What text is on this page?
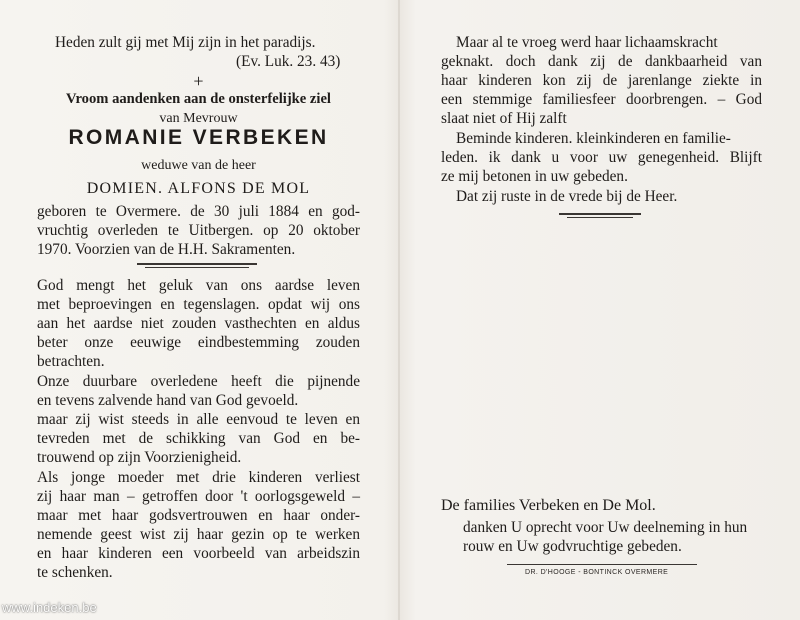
Heden zult gij met Mij zijn in het paradijs.
(Ev. Luk. 23. 43)
+
Vroom aandenken aan de onsterfelijke ziel
van Mevrouw
ROMANIE VERBEKEN
weduwe van de heer
DOMIEN. ALFONS DE MOL
geboren te Overmere. de 30 juli 1884 en god-
vruchtig overleden te Uitbergen. op 20 oktober
1970. Voorzien van de H.H. Sakramenten.
God mengt het geluk van ons aardse leven
met beproevingen en tegenslagen. opdat wij ons
aan het aardse niet zouden vasthechten en aldus
beter onze eeuwige eindbestemming zouden
betrachten.
Onze duurbare overledene heeft die pijnende
en tevens zalvende hand van God gevoeld.
maar zij wist steeds in alle eenvoud te leven en
tevreden met de schikking van God en be-
trouwend op zijn Voorzienigheid.
Als jonge moeder met drie kinderen verliest
zij haar man – getroffen door 't oorlogsgeweld –
maar met haar godsvertrouwen en haar onder-
nemende geest wist zij haar gezin op te werken
en haar kinderen een voorbeeld van arbeidszin
te schenken.
Maar al te vroeg werd haar lichaamskracht
geknakt. doch dank zij de dankbaarheid van
haar kinderen kon zij de jarenlange ziekte in
een stemmige familiesfeer doorbrengen. – God
slaat niet of Hij zalft
Beminde kinderen. kleinkinderen en familie-
leden. ik dank u voor uw genegenheid. Blijft
ze mij betonen in uw gebeden.
Dat zij ruste in de vrede bij de Heer.
De families Verbeken en De Mol.
danken U oprecht voor Uw deelneming in hun
rouw en Uw godvruchtige gebeden.
DR. D'HOOGE - BONTINCK OVERMERE
www.indeken.be
